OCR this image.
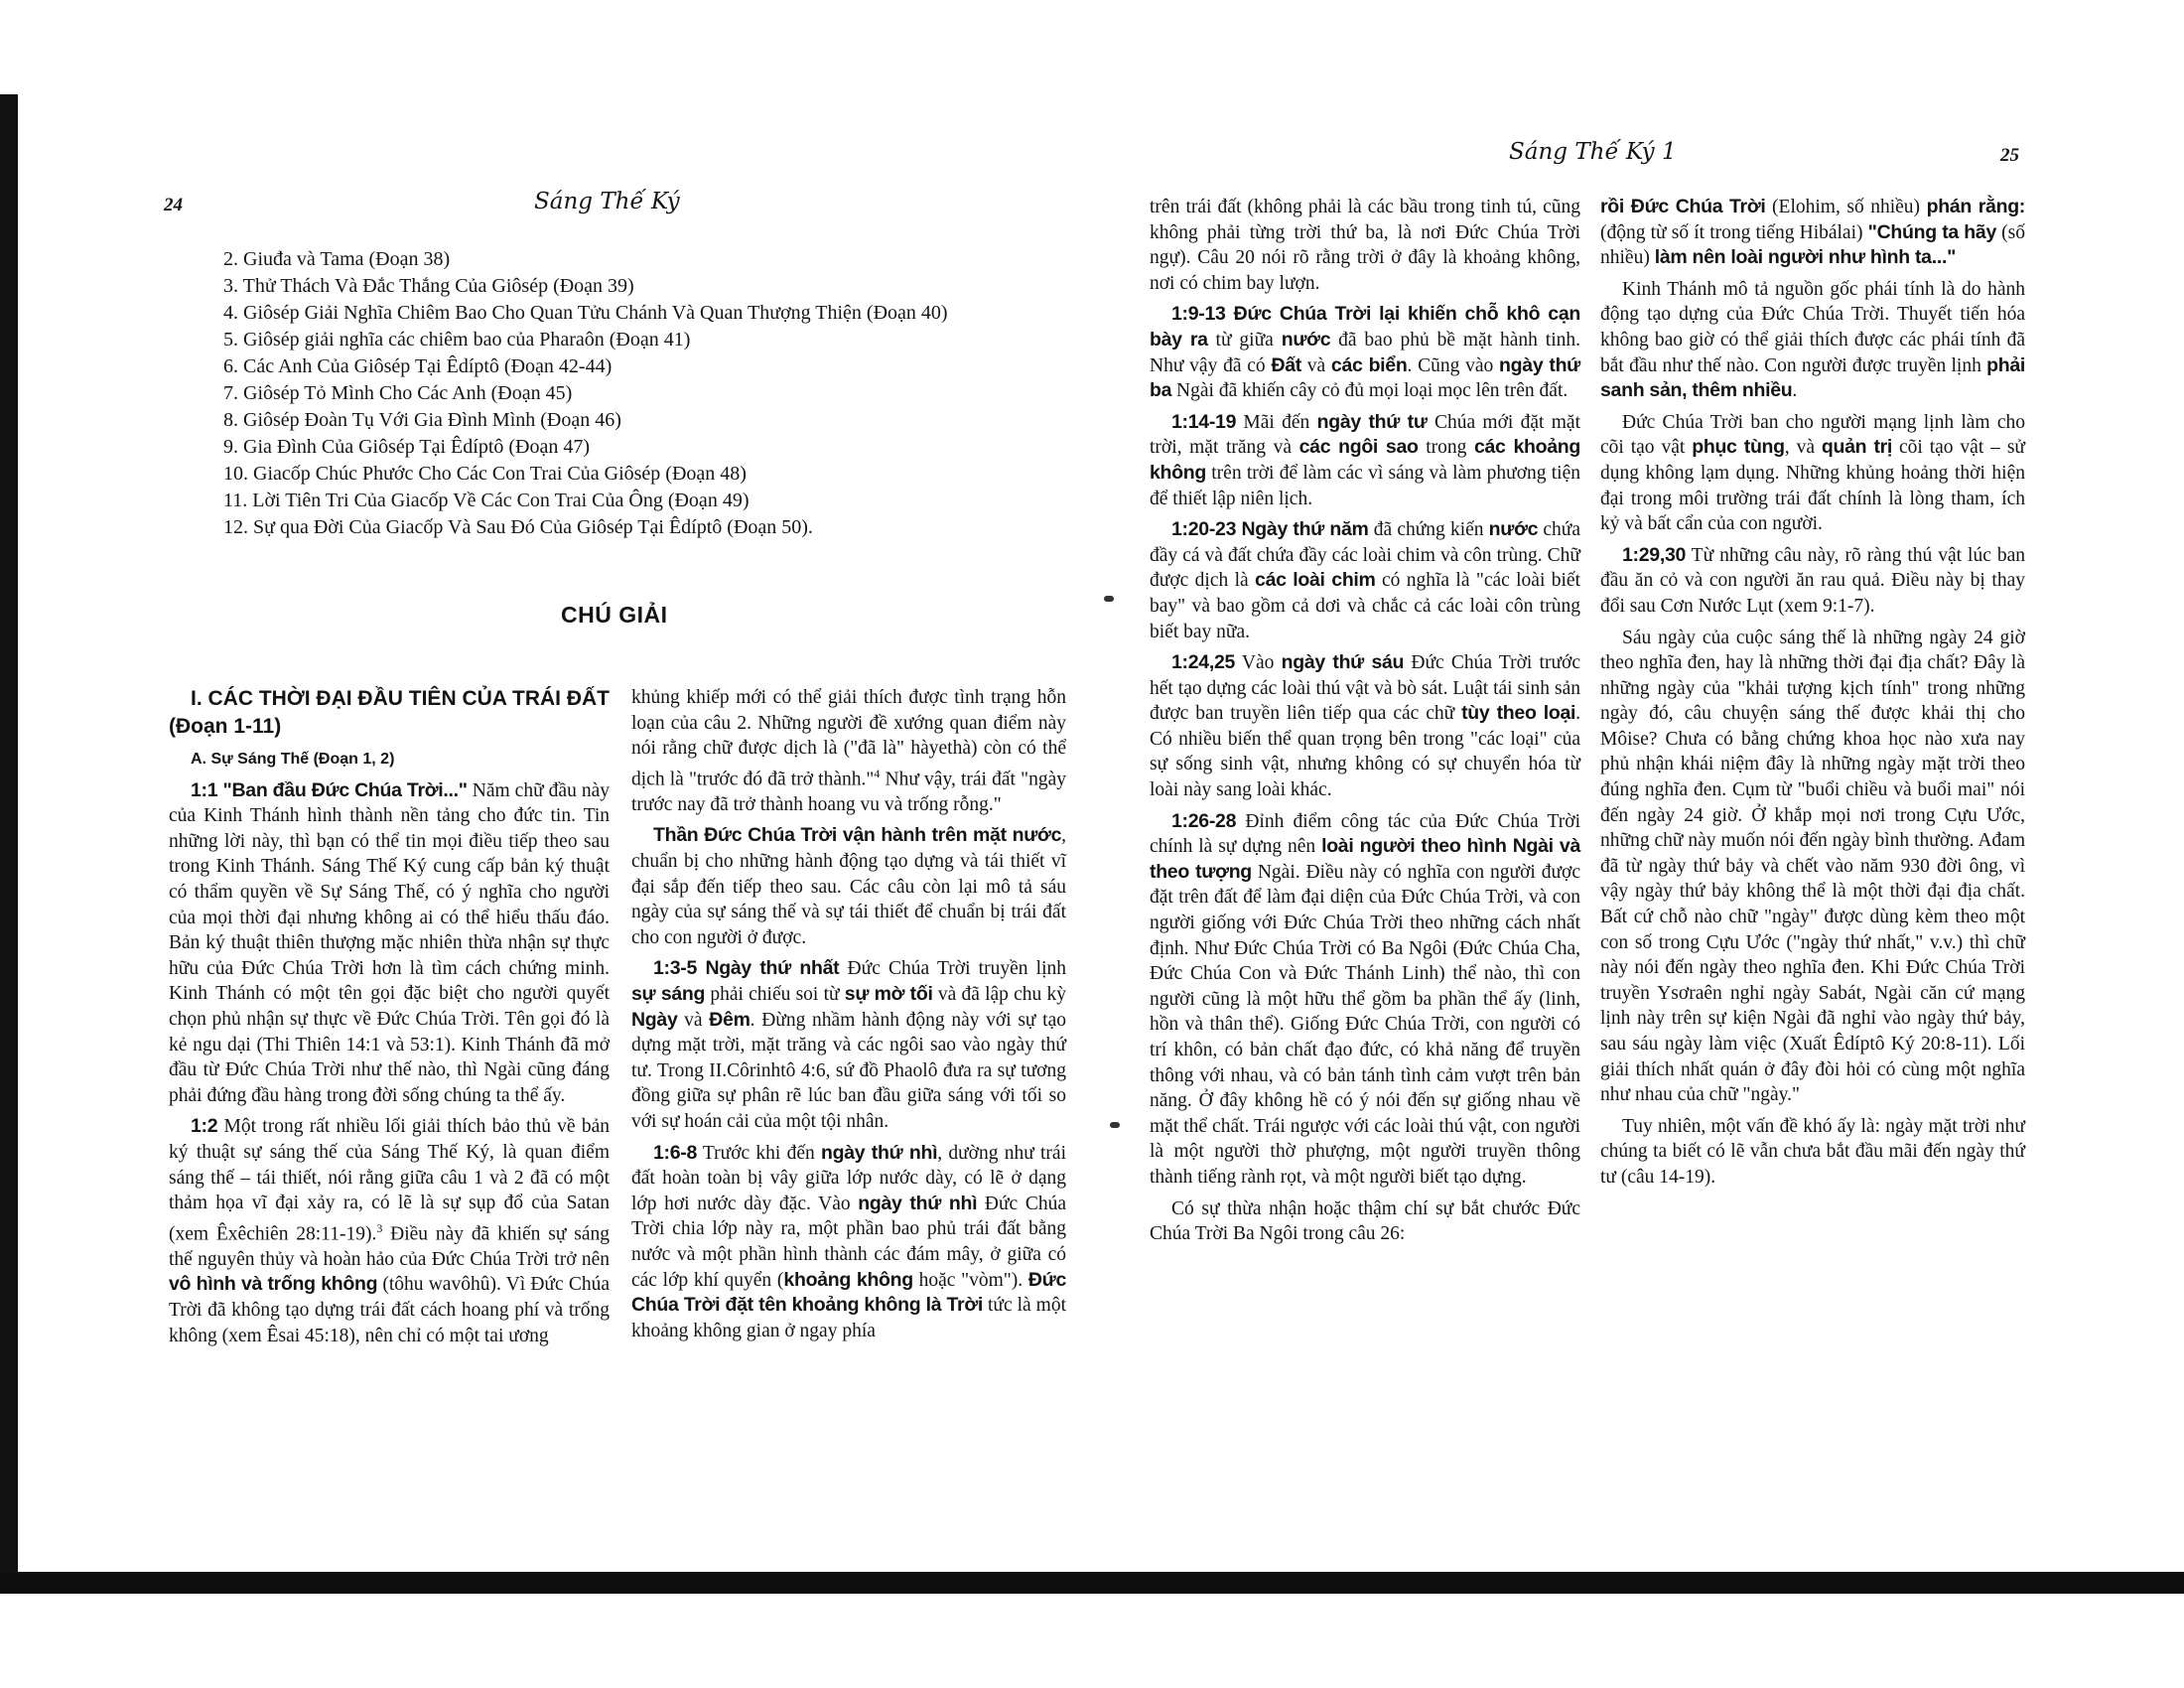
24	Sáng Thế Ký
2. Giuđa và Tama (Đoạn 38)
3. Thử Thách Và Đắc Thắng Của Giôsép (Đoạn 39)
4. Giôsép Giải Nghĩa Chiêm Bao Cho Quan Tửu Chánh Và Quan Thượng Thiện (Đoạn 40)
5. Giôsép giải nghĩa các chiêm bao của Pharaôn (Đoạn 41)
6. Các Anh Của Giôsép Tại Êdíptô (Đoạn 42-44)
7. Giôsép Tỏ Mình Cho Các Anh (Đoạn 45)
8. Giôsép Đoàn Tụ Với Gia Đình Mình (Đoạn 46)
9. Gia Đình Của Giôsép Tại Êdíptô (Đoạn 47)
10. Giacốp Chúc Phước Cho Các Con Trai Của Giôsép (Đoạn 48)
11. Lời Tiên Tri Của Giacốp Về Các Con Trai Của Ông (Đoạn 49)
12. Sự qua Đời Của Giacốp Và Sau Đó Của Giôsép Tại Êdíptô (Đoạn 50).
CHÚ GIẢI

I. CÁC THỜI ĐẠI ĐẦU TIÊN CỦA TRÁI ĐẤT (Đoạn 1-11)

A. Sự Sáng Thế (Đoạn 1, 2)

1:1 "Ban đầu Đức Chúa Trời..." Năm chữ đầu này của Kinh Thánh hình thành nền tảng cho đức tin. Tin những lời này, thì bạn có thể tin mọi điều tiếp theo sau trong Kinh Thánh. Sáng Thế Ký cung cấp bản ký thuật có thẩm quyền về Sự Sáng Thế, có ý nghĩa cho người của mọi thời đại nhưng không ai có thể hiểu thấu đáo. Bản ký thuật thiên thượng mặc nhiên thừa nhận sự thực hữu của Đức Chúa Trời hơn là tìm cách chứng minh. Kinh Thánh có một tên gọi đặc biệt cho người quyết chọn phủ nhận sự thực về Đức Chúa Trời. Tên gọi đó là kẻ ngu dại (Thi Thiên 14:1 và 53:1). Kinh Thánh đã mở đầu từ Đức Chúa Trời như thế nào, thì Ngài cũng đáng phải đứng đầu hàng trong đời sống chúng ta thể ấy.

1:2 Một trong rất nhiều lối giải thích bảo thủ về bản ký thuật sự sáng thế của Sáng Thế Ký, là quan điểm sáng thế – tái thiết, nói rằng giữa câu 1 và 2 đã có một thảm họa vĩ đại xảy ra, có lẽ là sự sụp đổ của Satan (xem Êxêchiên 28:11-19).$^3$ Điều này đã khiến sự sáng thế nguyên thủy và hoàn hảo của Đức Chúa Trời trở nên vô hình và trống không (tôhu wavôhû). Vì Đức Chúa Trời đã không tạo dựng trái đất cách hoang phí và trống không (xem Êsai 45:18), nên chỉ có một tai ương

khủng khiếp mới có thể giải thích được tình trạng hỗn loạn của câu 2. Những người đề xướng quan điểm này nói rằng chữ được dịch là ("đã là" hàyethà) còn có thể dịch là "trước đó đã trở thành."$^4$ Như vậy, trái đất "ngày trước nay đã trở thành hoang vu và trống rỗng."

Thần Đức Chúa Trời vận hành trên mặt nước, chuẩn bị cho những hành động tạo dựng và tái thiết vĩ đại sắp đến tiếp theo sau. Các câu còn lại mô tả sáu ngày của sự sáng thế và sự tái thiết để chuẩn bị trái đất cho con người ở được.

1:3-5 Ngày thứ nhất Đức Chúa Trời truyền lịnh sự sáng phải chiếu soi từ sự mờ tối và đã lập chu kỳ Ngày và Đêm. Đừng nhầm hành động này với sự tạo dựng mặt trời, mặt trăng và các ngôi sao vào ngày thứ tư. Trong II.Côrinhtô 4:6, sứ đồ Phaolô đưa ra sự tương đồng giữa sự phân rẽ lúc ban đầu giữa sáng với tối so với sự hoán cải của một tội nhân.

1:6-8 Trước khi đến ngày thứ nhì, dường như trái đất hoàn toàn bị vây giữa lớp nước dày, có lẽ ở dạng lớp hơi nước dày đặc. Vào ngày thứ nhì Đức Chúa Trời chia lớp này ra, một phần bao phủ trái đất bằng nước và một phần hình thành các đám mây, ở giữa có các lớp khí quyển (khoảng không hoặc "vòm"). Đức Chúa Trời đặt tên khoảng không là Trời tức là một khoảng không gian ở ngay phía

Sáng Thế Ký 1	25

trên trái đất (không phải là các bầu trong tinh tú, cũng không phải từng trời thứ ba, là nơi Đức Chúa Trời ngự). Câu 20 nói rõ rằng trời ở đây là khoảng không, nơi có chim bay lượn.

1:9-13 Đức Chúa Trời lại khiến chỗ khô cạn bày ra từ giữa nước đã bao phủ bề mặt hành tinh. Như vậy đã có Đất và các biển. Cũng vào ngày thứ ba Ngài đã khiến cây cỏ đủ mọi loại mọc lên trên đất.

1:14-19 Mãi đến ngày thứ tư Chúa mới đặt mặt trời, mặt trăng và các ngôi sao trong các khoảng không trên trời để làm các vì sáng và làm phương tiện để thiết lập niên lịch.

1:20-23 Ngày thứ năm đã chứng kiến nước chứa đầy cá và đất chứa đầy các loài chim và côn trùng. Chữ được dịch là các loài chim có nghĩa là "các loài biết bay" và bao gồm cả dơi và chắc cả các loài côn trùng biết bay nữa.

1:24,25 Vào ngày thứ sáu Đức Chúa Trời trước hết tạo dựng các loài thú vật và bò sát. Luật tái sinh sản được ban truyền liên tiếp qua các chữ tùy theo loại. Có nhiều biến thể quan trọng bên trong "các loại" của sự sống sinh vật, nhưng không có sự chuyển hóa từ loài này sang loài khác.

1:26-28 Đỉnh điểm công tác của Đức Chúa Trời chính là sự dựng nên loài người theo hình Ngài và theo tượng Ngài. Điều này có nghĩa con người được đặt trên đất để làm đại diện của Đức Chúa Trời, và con người giống với Đức Chúa Trời theo những cách nhất định. Như Đức Chúa Trời có Ba Ngôi (Đức Chúa Cha, Đức Chúa Con và Đức Thánh Linh) thể nào, thì con người cũng là một hữu thể gồm ba phần thể ấy (linh, hồn và thân thể). Giống Đức Chúa Trời, con người có trí khôn, có bản chất đạo đức, có khả năng để truyền thông với nhau, và có bản tánh tình cảm vượt trên bản năng. Ở đây không hề có ý nói đến sự giống nhau về mặt thể chất. Trái ngược với các loài thú vật, con người là một người thờ phượng, một người truyền thông thành tiếng rành rọt, và một người biết tạo dựng.

Có sự thừa nhận hoặc thậm chí sự bắt chước Đức Chúa Trời Ba Ngôi trong câu 26:

rồi Đức Chúa Trời (Elohim, số nhiều) phán rằng: (động từ số ít trong tiếng Hibálai) "Chúng ta hãy (số nhiều) làm nên loài người như hình ta..."

Kinh Thánh mô tả nguồn gốc phái tính là do hành động tạo dựng của Đức Chúa Trời. Thuyết tiến hóa không bao giờ có thể giải thích được các phái tính đã bắt đầu như thế nào. Con người được truyền lịnh phải sanh sản, thêm nhiều.

Đức Chúa Trời ban cho người mạng lịnh làm cho cõi tạo vật phục tùng, và quản trị cõi tạo vật – sử dụng không lạm dụng. Những khủng hoảng thời hiện đại trong môi trường trái đất chính là lòng tham, ích kỷ và bất cẩn của con người.

1:29,30 Từ những câu này, rõ ràng thú vật lúc ban đầu ăn cỏ và con người ăn rau quả. Điều này bị thay đổi sau Cơn Nước Lụt (xem 9:1-7).

Sáu ngày của cuộc sáng thế là những ngày 24 giờ theo nghĩa đen, hay là những thời đại địa chất? Đây là những ngày của "khải tượng kịch tính" trong những ngày đó, câu chuyện sáng thế được khải thị cho Môise? Chưa có bằng chứng khoa học nào xưa nay phủ nhận khái niệm đây là những ngày mặt trời theo đúng nghĩa đen. Cụm từ "buổi chiều và buổi mai" nói đến ngày 24 giờ. Ở khắp mọi nơi trong Cựu Ước, những chữ này muốn nói đến ngày bình thường. Ađam đã từ ngày thứ bảy và chết vào năm 930 đời ông, vì vậy ngày thứ bảy không thể là một thời đại địa chất. Bất cứ chỗ nào chữ "ngày" được dùng kèm theo một con số trong Cựu Ước ("ngày thứ nhất," v.v.) thì chữ này nói đến ngày theo nghĩa đen. Khi Đức Chúa Trời truyền Ysơraên nghỉ ngày Sabát, Ngài căn cứ mạng lịnh này trên sự kiện Ngài đã nghỉ vào ngày thứ bảy, sau sáu ngày làm việc (Xuất Êdíptô Ký 20:8-11). Lối giải thích nhất quán ở đây đòi hỏi có cùng một nghĩa như nhau của chữ "ngày."

Tuy nhiên, một vấn đề khó ấy là: ngày mặt trời như chúng ta biết có lẽ vẫn chưa bắt đầu mãi đến ngày thứ tư (câu 14-19).
